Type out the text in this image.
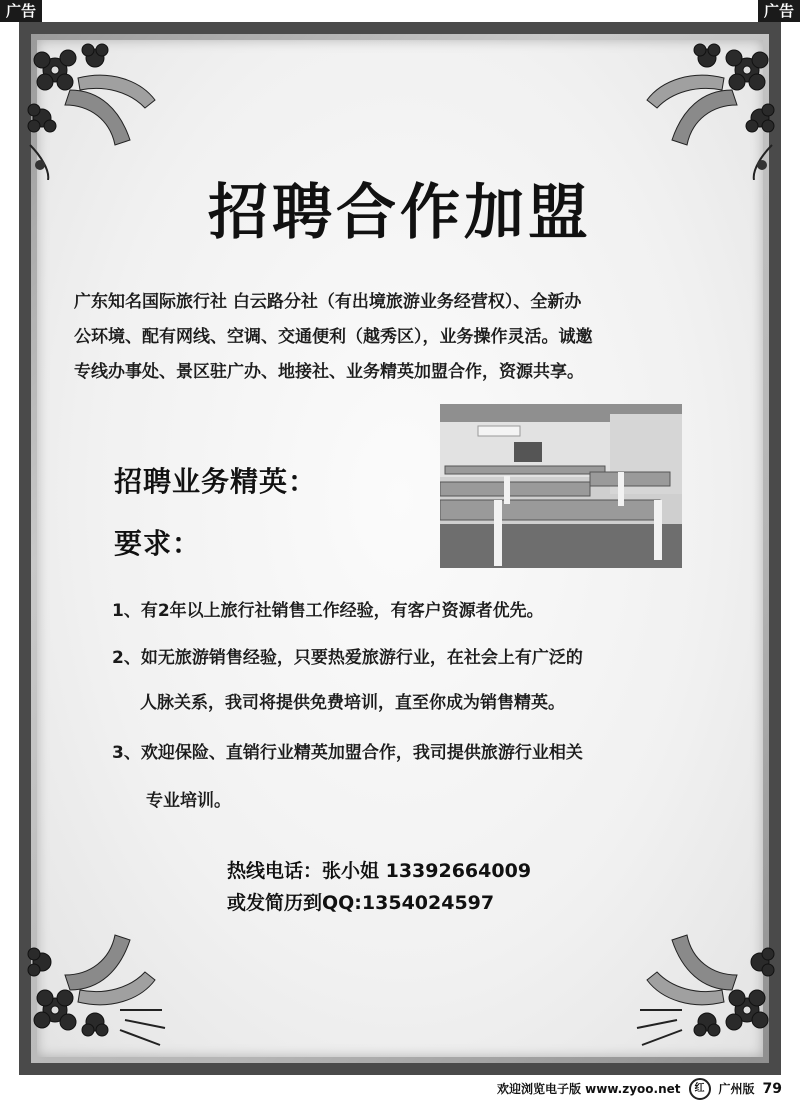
广告	广告
招聘合作加盟
广东知名国际旅行社 白云路分社（有出境旅游业务经营权）、全新办
公环境、配有网线、空调、交通便利（越秀区），业务操作灵活。诚邀
专线办事处、景区驻广办、地接社、业务精英加盟合作，资源共享。
招聘业务精英：
要求：
1、有2年以上旅行社销售工作经验，有客户资源者优先。
2、如无旅游销售经验，只要热爱旅游行业，在社会上有广泛的
人脉关系，我司将提供免费培训，直至你成为销售精英。
3、欢迎保险、直销行业精英加盟合作，我司提供旅游行业相关
专业培训。
热线电话：张小姐 13392664009
或发简历到QQ:1354024597
欢迎浏览电子版 www.zyoo.net	红	广州版 79
